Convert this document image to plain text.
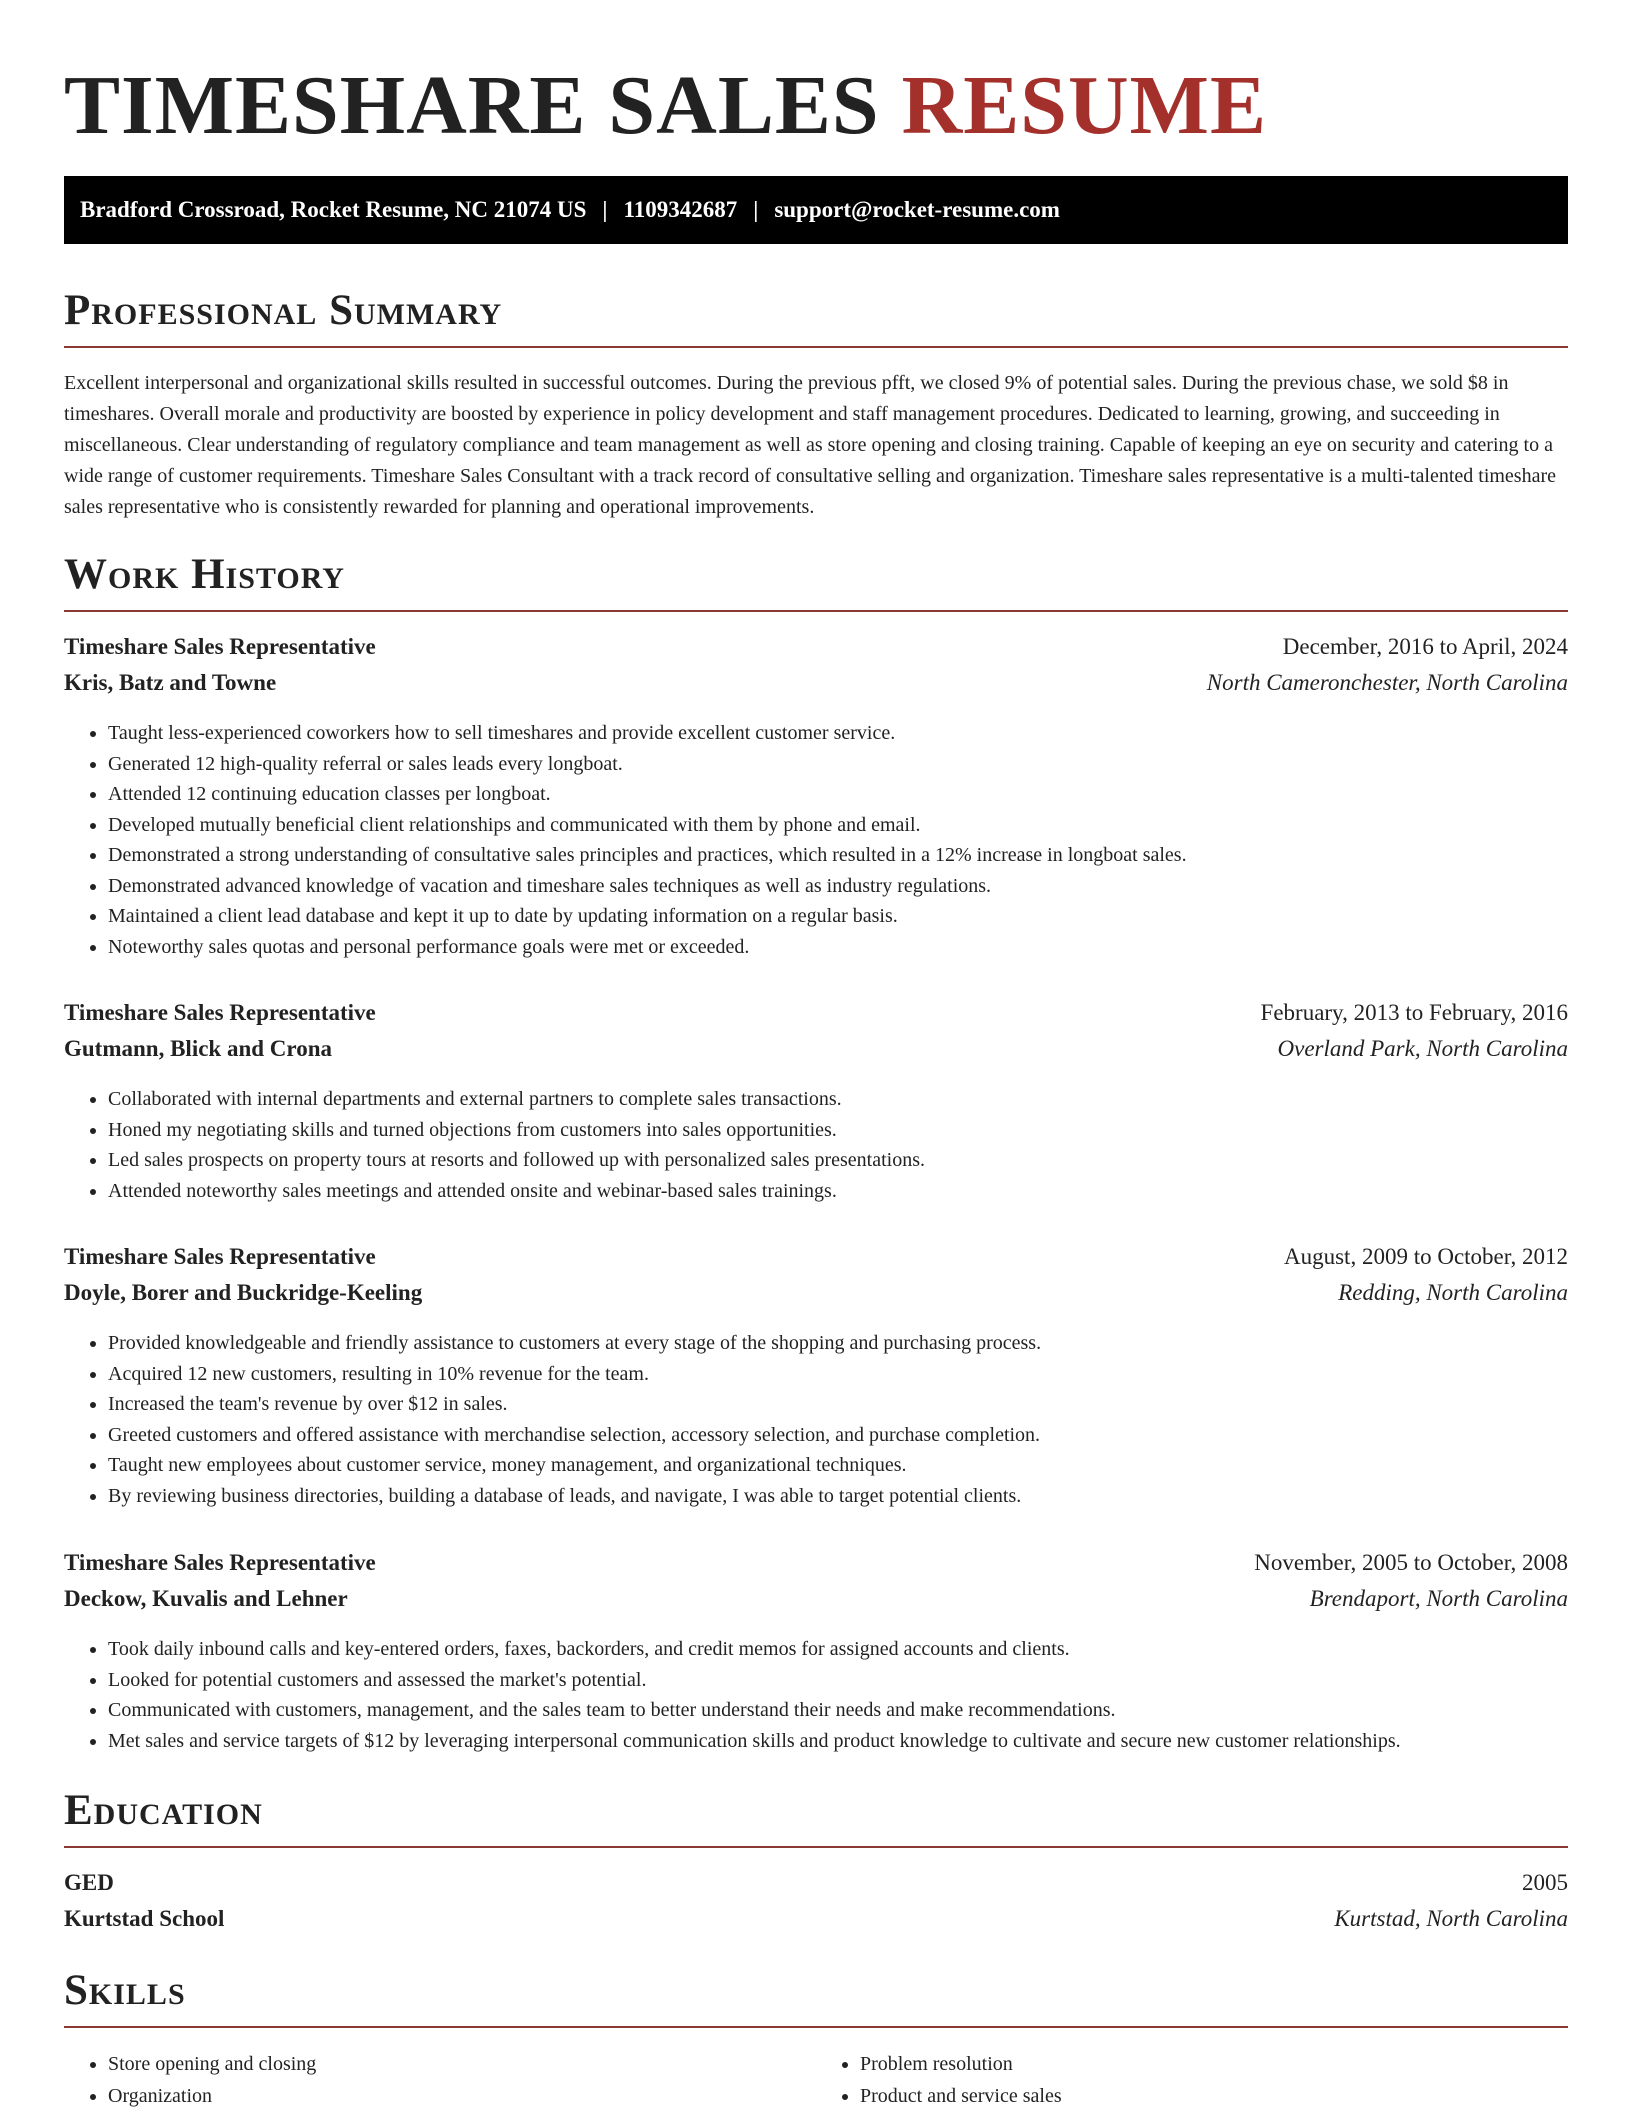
TIMESHARE SALES RESUME
Bradford Crossroad, Rocket Resume, NC 21074 US | 1109342687 | support@rocket-resume.com
Professional Summary

Excellent interpersonal and organizational skills resulted in successful outcomes. During the previous pfft, we closed 9% of potential sales. During the previous chase, we sold $8 in timeshares. Overall morale and productivity are boosted by experience in policy development and staff management procedures. Dedicated to learning, growing, and succeeding in miscellaneous. Clear understanding of regulatory compliance and team management as well as store opening and closing training. Capable of keeping an eye on security and catering to a wide range of customer requirements. Timeshare Sales Consultant with a track record of consultative selling and organization. Timeshare sales representative is a multi-talented timeshare sales representative who is consistently rewarded for planning and operational improvements.

Work History
Timeshare Sales Representative	December, 2016 to April, 2024
Kris, Batz and Towne	North Cameronchester, North Carolina
• Taught less-experienced coworkers how to sell timeshares and provide excellent customer service.
• Generated 12 high-quality referral or sales leads every longboat.
• Attended 12 continuing education classes per longboat.
• Developed mutually beneficial client relationships and communicated with them by phone and email.
• Demonstrated a strong understanding of consultative sales principles and practices, which resulted in a 12% increase in longboat sales.
• Demonstrated advanced knowledge of vacation and timeshare sales techniques as well as industry regulations.
• Maintained a client lead database and kept it up to date by updating information on a regular basis.
• Noteworthy sales quotas and personal performance goals were met or exceeded.
Timeshare Sales Representative	February, 2013 to February, 2016
Gutmann, Blick and Crona	Overland Park, North Carolina
• Collaborated with internal departments and external partners to complete sales transactions.
• Honed my negotiating skills and turned objections from customers into sales opportunities.
• Led sales prospects on property tours at resorts and followed up with personalized sales presentations.
• Attended noteworthy sales meetings and attended onsite and webinar-based sales trainings.
Timeshare Sales Representative	August, 2009 to October, 2012
Doyle, Borer and Buckridge-Keeling	Redding, North Carolina
• Provided knowledgeable and friendly assistance to customers at every stage of the shopping and purchasing process.
• Acquired 12 new customers, resulting in 10% revenue for the team.
• Increased the team's revenue by over $12 in sales.
• Greeted customers and offered assistance with merchandise selection, accessory selection, and purchase completion.
• Taught new employees about customer service, money management, and organizational techniques.
• By reviewing business directories, building a database of leads, and navigate, I was able to target potential clients.
Timeshare Sales Representative	November, 2005 to October, 2008
Deckow, Kuvalis and Lehner	Brendaport, North Carolina
• Took daily inbound calls and key-entered orders, faxes, backorders, and credit memos for assigned accounts and clients.
• Looked for potential customers and assessed the market's potential.
• Communicated with customers, management, and the sales team to better understand their needs and make recommendations.
• Met sales and service targets of $12 by leveraging interpersonal communication skills and product knowledge to cultivate and secure new customer relationships.
Education
GED	2005
Kurtstad School	Kurtstad, North Carolina
Skills
• Store opening and closing
• Organization
• Problem resolution
• Product and service sales
